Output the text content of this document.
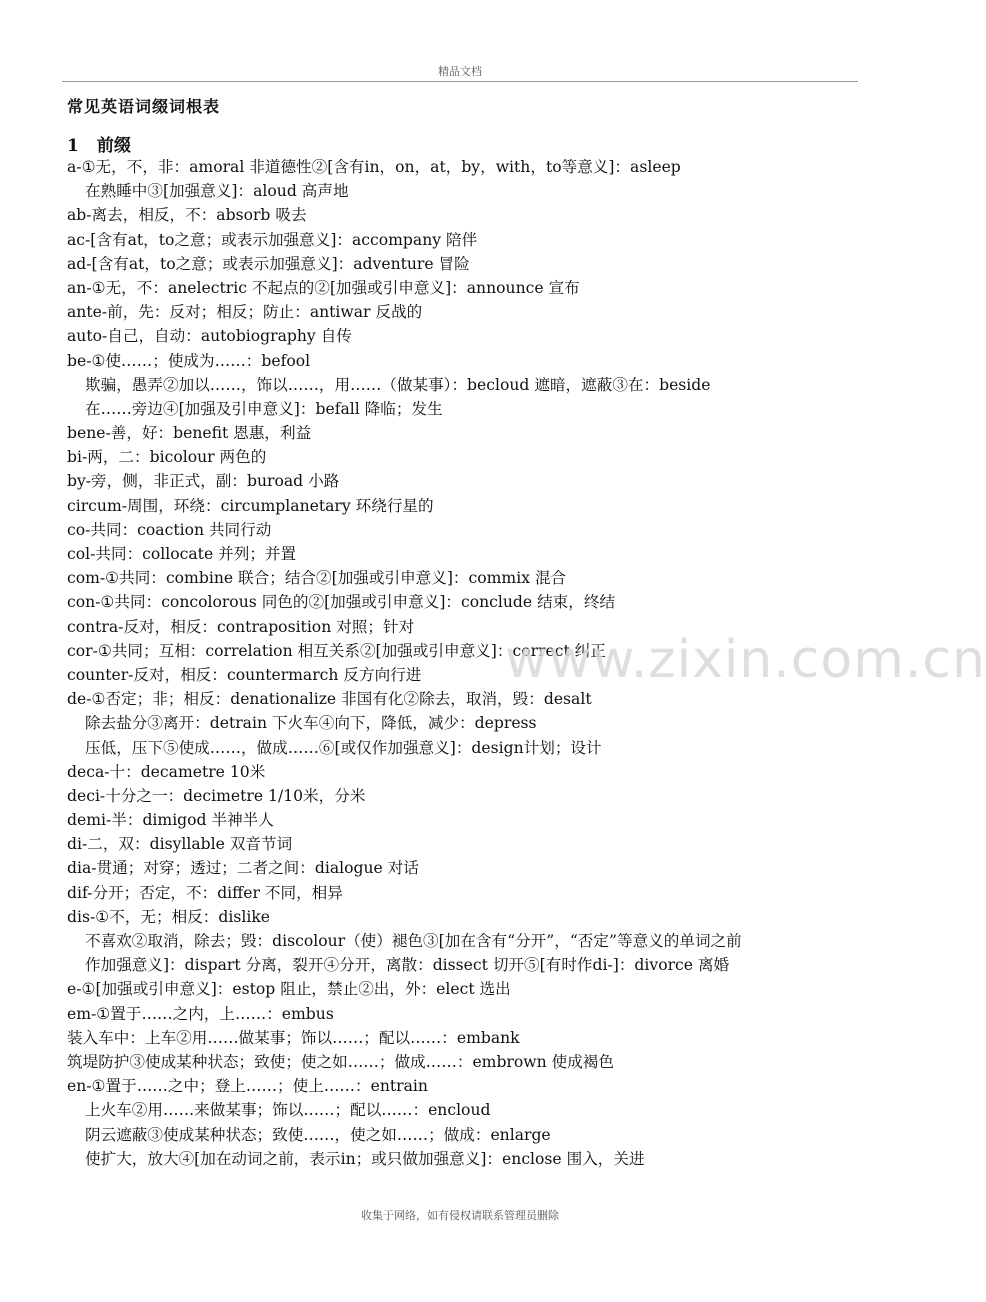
精品文档
常见英语词缀词根表
1 前缀
a-①无，不，非：amoral 非道德性②[含有in，on，at，by，with，to等意义]：asleep
在熟睡中③[加强意义]：aloud 高声地
ab-离去，相反，不：absorb 吸去
ac-[含有at，to之意；或表示加强意义]：accompany 陪伴
ad-[含有at，to之意；或表示加强意义]：adventure 冒险
an-①无，不：anelectric 不起点的②[加强或引申意义]：announce 宣布
ante-前，先：反对；相反；防止：antiwar 反战的
auto-自己，自动：autobiography 自传
be-①使……；使成为……：befool
欺骗，愚弄②加以……，饰以……，用……（做某事）：becloud 遮暗，遮蔽③在：beside
在……旁边④[加强及引申意义]：befall 降临；发生
bene-善，好：benefit 恩惠，利益
bi-两，二：bicolour 两色的
by-旁，侧，非正式，副：buroad 小路
circum-周围，环绕：circumplanetary 环绕行星的
co-共同：coaction 共同行动
col-共同：collocate 并列；并置
com-①共同：combine 联合；结合②[加强或引申意义]：commix 混合
con-①共同：concolorous 同色的②[加强或引申意义]：conclude 结束，终结
contra-反对，相反：contraposition 对照；针对
cor-①共同；互相：correlation 相互关系②[加强或引申意义]：correct 纠正
counter-反对，相反：countermarch 反方向行进
de-①否定；非；相反：denationalize 非国有化②除去，取消，毁：desalt
除去盐分③离开：detrain 下火车④向下，降低，减少：depress
压低，压下⑤使成……，做成……⑥[或仅作加强意义]：design计划；设计
deca-十：decametre 10米
deci-十分之一：decimetre 1/10米，分米
demi-半：dimigod 半神半人
di-二，双：disyllable 双音节词
dia-贯通；对穿；透过；二者之间：dialogue 对话
dif-分开；否定，不：differ 不同，相异
dis-①不，无；相反：dislike
不喜欢②取消，除去；毁：discolour（使）褪色③[加在含有“分开”，“否定”等意义的单词之前
作加强意义]：dispart 分离，裂开④分开，离散：dissect 切开⑤[有时作di-]：divorce 离婚
e-①[加强或引申意义]：estop 阻止，禁止②出，外：elect 选出
em-①置于……之内，上……：embus
装入车中：上车②用……做某事；饰以……；配以……：embank
筑堤防护③使成某种状态；致使；使之如……；做成……：embrown 使成褐色
en-①置于……之中；登上……；使上……：entrain
上火车②用……来做某事；饰以……；配以……：encloud
阴云遮蔽③使成某种状态；致使……，使之如……；做成：enlarge
使扩大，放大④[加在动词之前，表示in；或只做加强意义]：enclose 围入，关进
www.zixin.com.cn
收集于网络，如有侵权请联系管理员删除
